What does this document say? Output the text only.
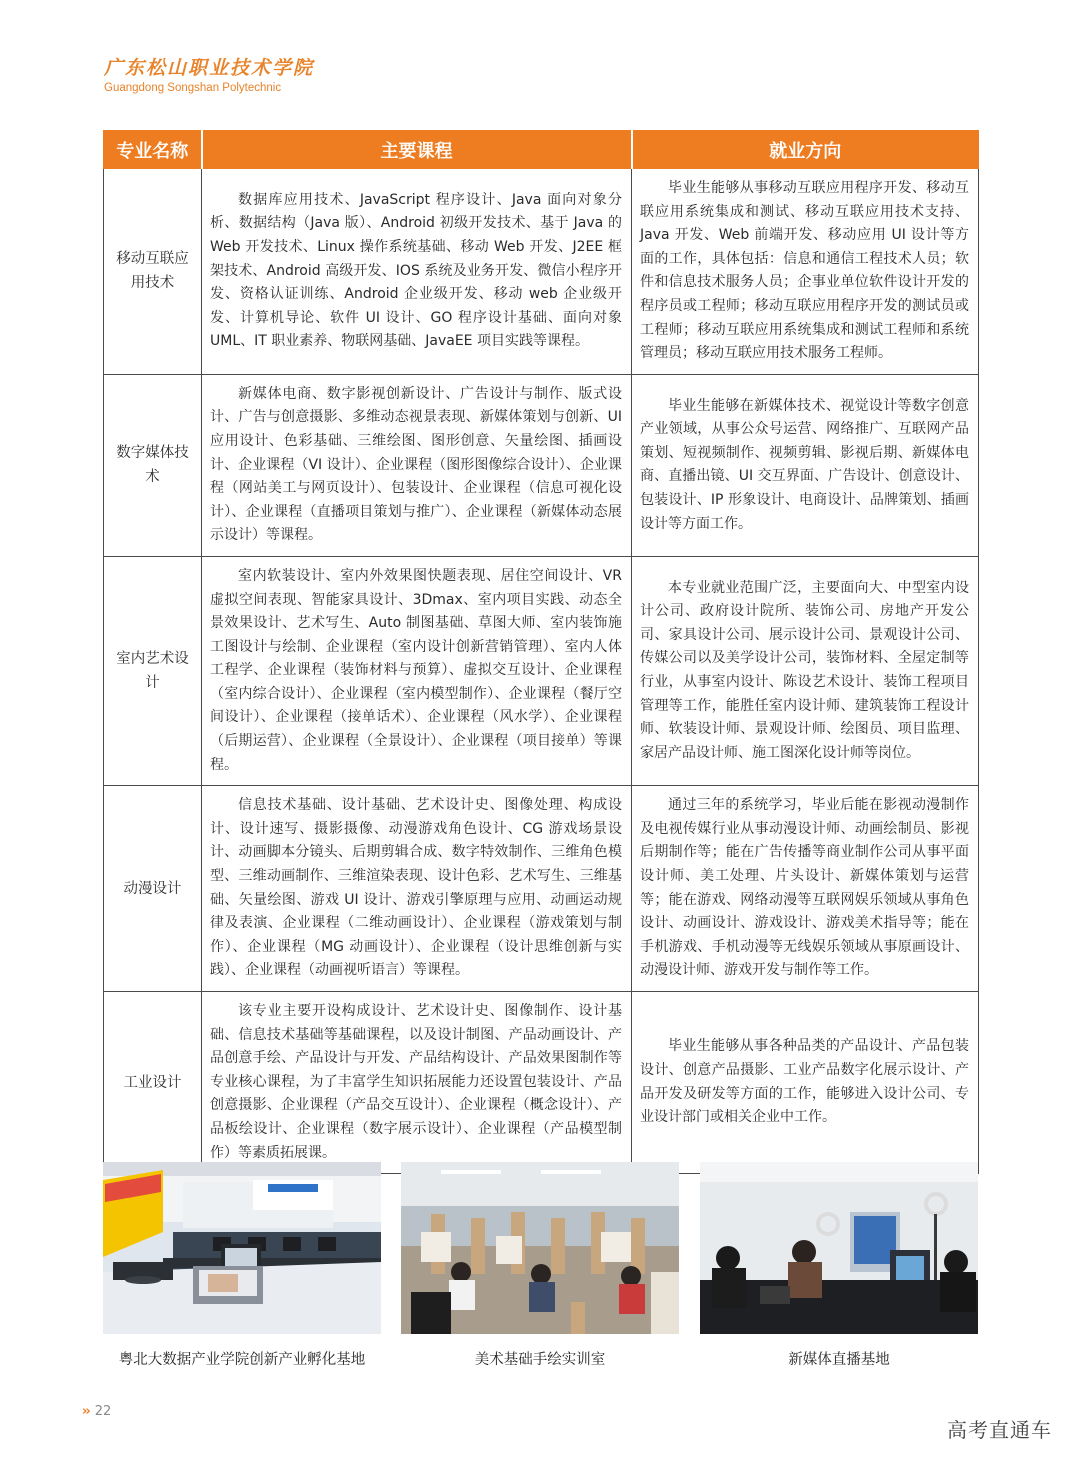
广东松山职业技术学院
Guangdong Songshan Polytechnic
专业名称	主要课程	就业方向
移动互联应用技术	数据库应用技术、JavaScript 程序设计、Java 面向对象分析、数据结构（Java 版）、Android 初级开发技术、基于 Java 的 Web 开发技术、Linux 操作系统基础、移动 Web 开发、J2EE 框架技术、Android 高级开发、IOS 系统及业务开发、微信小程序开发、资格认证训练、Android 企业级开发、移动 web 企业级开发、计算机导论、软件 UI 设计、GO 程序设计基础、面向对象 UML、IT 职业素养、物联网基础、JavaEE 项目实践等课程。	毕业生能够从事移动互联应用程序开发、移动互联应用系统集成和测试、移动互联应用技术支持、Java 开发、Web 前端开发、移动应用 UI 设计等方面的工作，具体包括：信息和通信工程技术人员；软件和信息技术服务人员；企事业单位软件设计开发的程序员或工程师；移动互联应用程序开发的测试员或工程师；移动互联应用系统集成和测试工程师和系统管理员；移动互联应用技术服务工程师。
数字媒体技术	新媒体电商、数字影视创新设计、广告设计与制作、版式设计、广告与创意摄影、多维动态视景表现、新媒体策划与创新、UI 应用设计、色彩基础、三维绘图、图形创意、矢量绘图、插画设计、企业课程（VI 设计）、企业课程（图形图像综合设计）、企业课程（网站美工与网页设计）、包装设计、企业课程（信息可视化设计）、企业课程（直播项目策划与推广）、企业课程（新媒体动态展示设计）等课程。	毕业生能够在新媒体技术、视觉设计等数字创意产业领域，从事公众号运营、网络推广、互联网产品策划、短视频制作、视频剪辑、影视后期、新媒体电商、直播出镜、UI 交互界面、广告设计、创意设计、包装设计、IP 形象设计、电商设计、品牌策划、插画设计等方面工作。
室内艺术设计	室内软装设计、室内外效果图快题表现、居住空间设计、VR 虚拟空间表现、智能家具设计、3Dmax、室内项目实践、动态全景效果设计、艺术写生、Auto 制图基础、草图大师、室内装饰施工图设计与绘制、企业课程（室内设计创新营销管理）、室内人体工程学、企业课程（装饰材料与预算）、虚拟交互设计、企业课程（室内综合设计）、企业课程（室内模型制作）、企业课程（餐厅空间设计）、企业课程（接单话术）、企业课程（风水学）、企业课程（后期运营）、企业课程（全景设计）、企业课程（项目接单）等课程。	本专业就业范围广泛，主要面向大、中型室内设计公司、政府设计院所、装饰公司、房地产开发公司、家具设计公司、展示设计公司、景观设计公司、传媒公司以及美学设计公司，装饰材料、全屋定制等行业，从事室内设计、陈设艺术设计、装饰工程项目管理等工作，能胜任室内设计师、建筑装饰工程设计师、软装设计师、景观设计师、绘图员、项目监理、家居产品设计师、施工图深化设计师等岗位。
动漫设计	信息技术基础、设计基础、艺术设计史、图像处理、构成设计、设计速写、摄影摄像、动漫游戏角色设计、CG 游戏场景设计、动画脚本分镜头、后期剪辑合成、数字特效制作、三维角色模型、三维动画制作、三维渲染表现、设计色彩、艺术写生、三维基础、矢量绘图、游戏 UI 设计、游戏引擎原理与应用、动画运动规律及表演、企业课程（二维动画设计）、企业课程（游戏策划与制作）、企业课程（MG 动画设计）、企业课程（设计思维创新与实践）、企业课程（动画视听语言）等课程。	通过三年的系统学习，毕业后能在影视动漫制作及电视传媒行业从事动漫设计师、动画绘制员、影视后期制作等；能在广告传播等商业制作公司从事平面设计师、美工处理、片头设计、新媒体策划与运营等；能在游戏、网络动漫等互联网娱乐领域从事角色设计、动画设计、游戏设计、游戏美术指导等；能在手机游戏、手机动漫等无线娱乐领域从事原画设计、动漫设计师、游戏开发与制作等工作。
工业设计	该专业主要开设构成设计、艺术设计史、图像制作、设计基础、信息技术基础等基础课程，以及设计制图、产品动画设计、产品创意手绘、产品设计与开发、产品结构设计、产品效果图制作等专业核心课程，为了丰富学生知识拓展能力还设置包装设计、产品创意摄影、企业课程（产品交互设计）、企业课程（概念设计）、产品板绘设计、企业课程（数字展示设计）、企业课程（产品模型制作）等素质拓展课。	毕业生能够从事各种品类的产品设计、产品包装设计、创意产品摄影、工业产品数字化展示设计、产品开发及研发等方面的工作，能够进入设计公司、专业设计部门或相关企业中工作。
粤北大数据产业学院创新产业孵化基地	美术基础手绘实训室	新媒体直播基地
›› 22
高考直通车
